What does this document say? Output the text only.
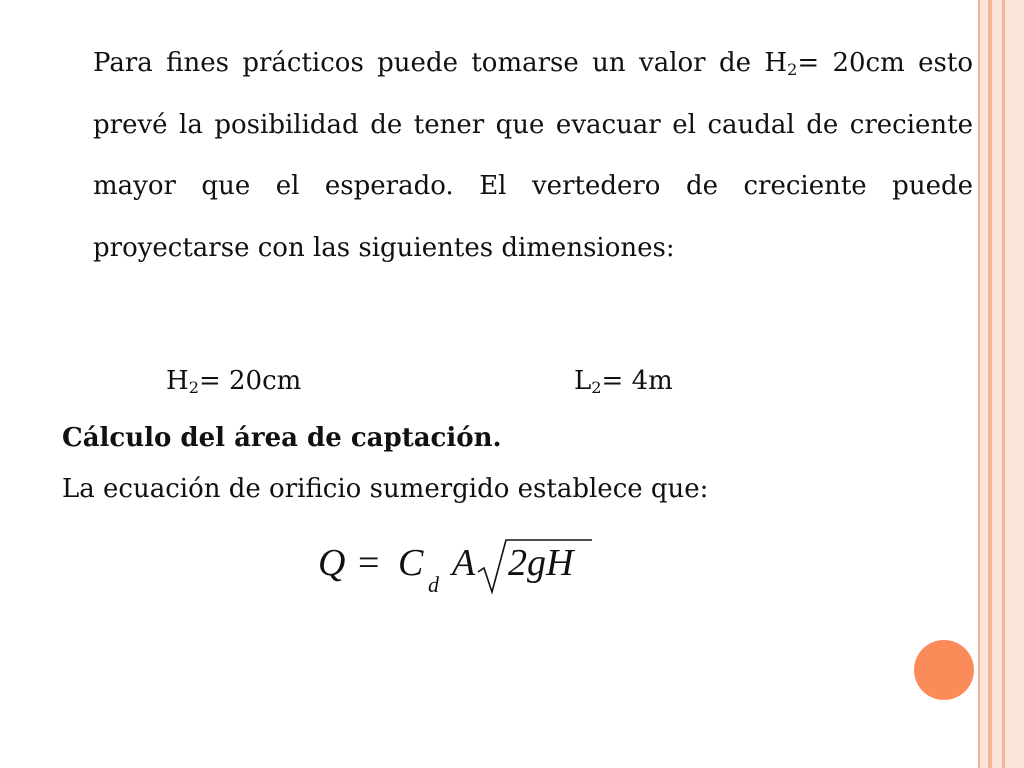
Para fines prácticos puede tomarse un valor de $H_2= 20cm$ esto prevé la posibilidad de tener que evacuar el caudal de creciente mayor que el esperado. El vertedero de creciente puede proyectarse con las siguientes dimensiones:

$H_2= 20cm$	$L_2= 4m$
Cálculo del área de captación.
La ecuación de orificio sumergido establece que:
Q = C
d
A 2gH
